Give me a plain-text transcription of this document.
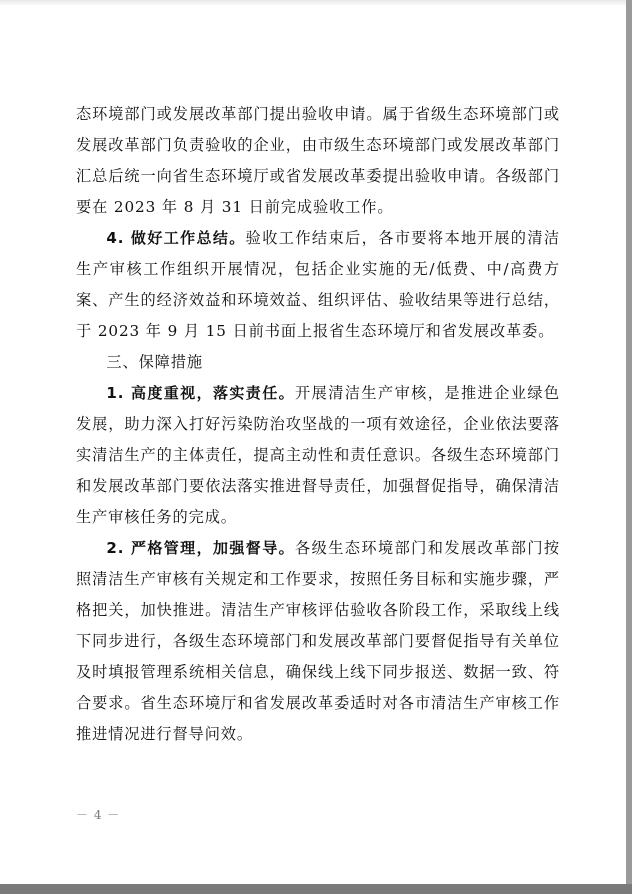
态环境部门或发展改革部门提出验收申请。属于省级生态环境部门或发展改革部门负责验收的企业，由市级生态环境部门或发展改革部门汇总后统一向省生态环境厅或省发展改革委提出验收申请。各级部门要在 2023 年 8 月 31 日前完成验收工作。

4. 做好工作总结。验收工作结束后，各市要将本地开展的清洁生产审核工作组织开展情况，包括企业实施的无/低费、中/高费方案、产生的经济效益和环境效益、组织评估、验收结果等进行总结，于 2023 年 9 月 15 日前书面上报省生态环境厅和省发展改革委。

三、保障措施

1. 高度重视，落实责任。开展清洁生产审核，是推进企业绿色发展，助力深入打好污染防治攻坚战的一项有效途径，企业依法要落实清洁生产的主体责任，提高主动性和责任意识。各级生态环境部门和发展改革部门要依法落实推进督导责任，加强督促指导，确保清洁生产审核任务的完成。

2. 严格管理，加强督导。各级生态环境部门和发展改革部门按照清洁生产审核有关规定和工作要求，按照任务目标和实施步骤，严格把关，加快推进。清洁生产审核评估验收各阶段工作，采取线上线下同步进行，各级生态环境部门和发展改革部门要督促指导有关单位及时填报管理系统相关信息，确保线上线下同步报送、数据一致、符合要求。省生态环境厅和省发展改革委适时对各市清洁生产审核工作推进情况进行督导问效。

－ 4 －
